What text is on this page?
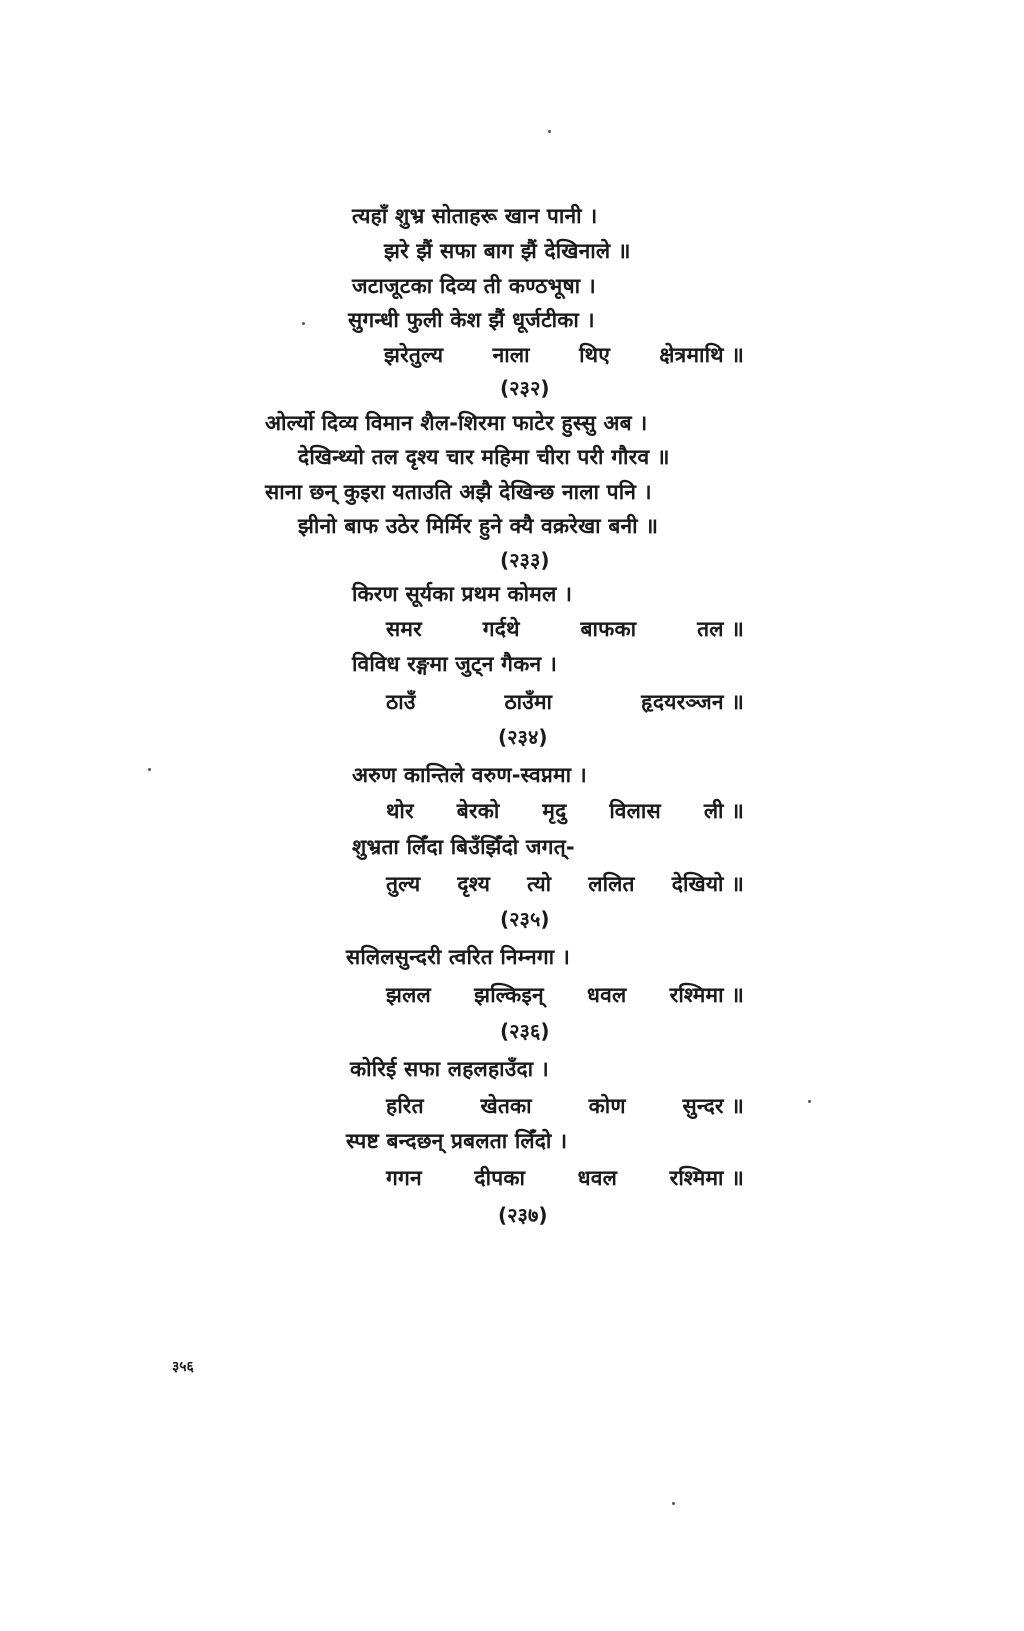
त्यहाँ शुभ्र सोताहरू खान पानी ।
झरे झैं सफा बाग झैं देखिनाले ॥
जटाजूटका दिव्य ती कण्ठभूषा ।
सुगन्धी फुली केश झैं धूर्जटीका ।
झरेतुल्य नाला थिए क्षेत्रमाथि ॥
(२३२)
ओर्ल्यो दिव्य विमान शैल-शिरमा फाटेर हुस्सु अब ।
देखिन्थ्यो तल दृश्य चार महिमा चीरा परी गौरव ॥
साना छन् कुइरा यताउति अझै देखिन्छ नाला पनि ।
झीनो बाफ उठेर मिर्मिर हुने क्यै वक्ररेखा बनी ॥
(२३३)
किरण सूर्यका प्रथम कोमल ।
समर	गर्दथे	बाफका	तल ॥
विविध रङ्गमा जुट्न गैकन ।
ठाउँ	ठाउँमा	हृदयरञ्जन ॥
(२३४)
अरुण कान्तिले वरुण-स्वप्नमा ।
थोर बेरको मृदु विलास ली ॥
शुभ्रता लिँदा बिउँझिँदो जगत्-
तुल्य दृश्य त्यो ललित देखियो ॥
(२३५)
सलिलसुन्दरी त्वरित निम्नगा ।
झलल झल्किइन् धवल रश्मिमा ॥
(२३६)
कोरिई सफा लहलहाउँदा ।
हरित	खेतका	कोण	सुन्दर ॥
स्पष्ट बन्दछन् प्रबलता लिँदो ।
गगन	दीपका	धवल	रश्मिमा ॥
(२३७)
३५६
